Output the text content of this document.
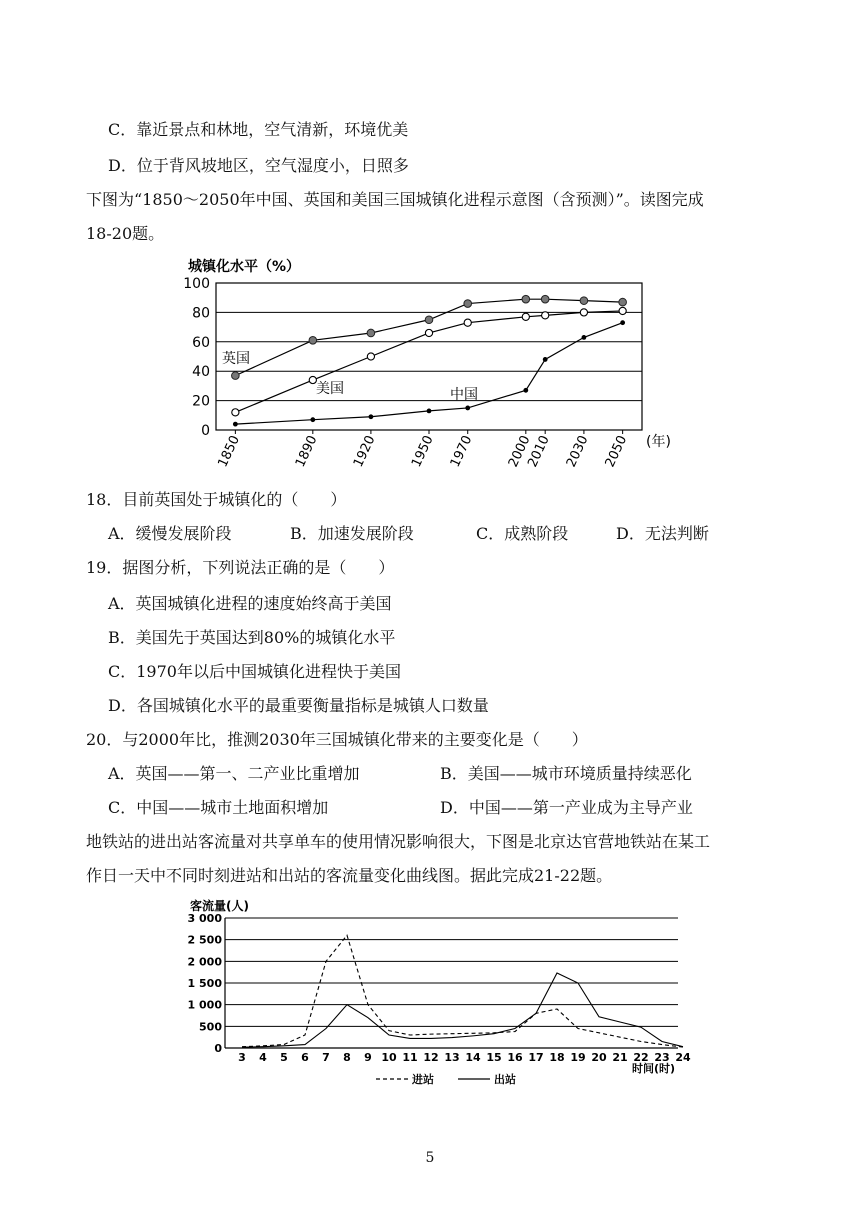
C．靠近景点和林地，空气清新，环境优美
D．位于背风坡地区，空气湿度小，日照多
下图为“1850～2050年中国、英国和美国三国城镇化进程示意图（含预测）”。读图完成
18-20题。
城镇化水平（%）
0
20
40
60
80
100
1850	1890 1920 1950 1970 2000
2010 2030 2050
英国
美国	中国
(年)
18．目前英国处于城镇化的（　　）
A．缓慢发展阶段	B．加速发展阶段	C．成熟阶段	D．无法判断
19．据图分析，下列说法正确的是（　　）
A．英国城镇化进程的速度始终高于美国
B．美国先于英国达到80%的城镇化水平
C．1970年以后中国城镇化进程快于美国
D．各国城镇化水平的最重要衡量指标是城镇人口数量
20．与2000年比，推测2030年三国城镇化带来的主要变化是（　　）
A．英国——第一、二产业比重增加	B．美国——城市环境质量持续恶化
C．中国——城市土地面积增加	D．中国——第一产业成为主导产业
地铁站的进出站客流量对共享单车的使用情况影响很大，下图是北京达官营地铁站在某工
作日一天中不同时刻进站和出站的客流量变化曲线图。据此完成21-22题。
客流量(人)
0
500
1 000
1 500
2 000
2 500
3 000
3 4 5 6 7 8 9 10 11 12 13 14 15 16 17 18 19 20 21 22 23 24
时间(时)
进站	出站
5
